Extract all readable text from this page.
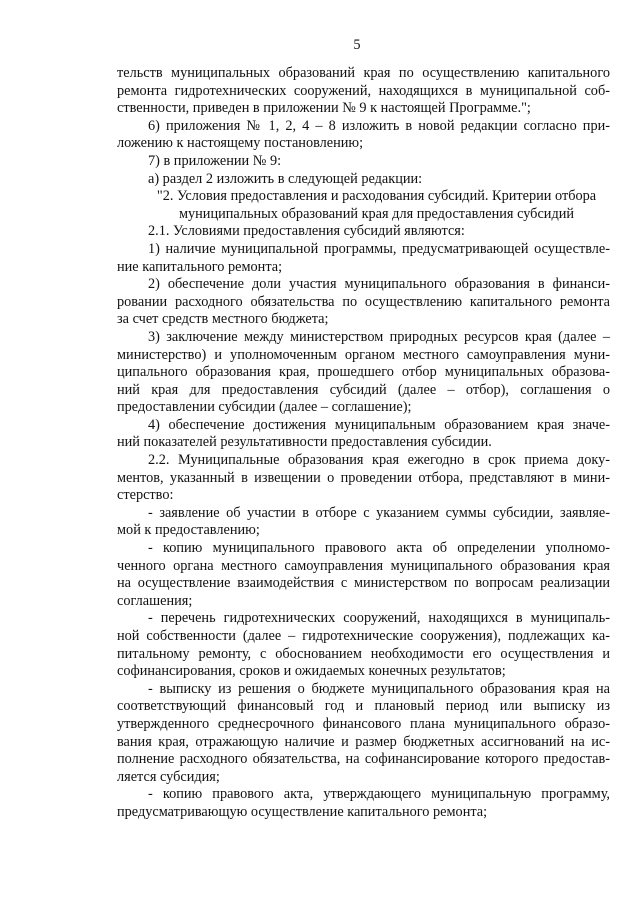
5
тельств муниципальных образований края по осуществлению капитального
ремонта гидротехнических сооружений, находящихся в муниципальной соб-
ственности, приведен в приложении № 9 к настоящей Программе.";
6) приложения № 1, 2, 4 – 8 изложить в новой редакции согласно при-
ложению к настоящему постановлению;
7) в приложении № 9:
а) раздел 2 изложить в следующей редакции:
"2. Условия предоставления и расходования субсидий. Критерии отбора
муниципальных образований края для предоставления субсидий
2.1. Условиями предоставления субсидий являются:
1) наличие муниципальной программы, предусматривающей осуществле-
ние капитального ремонта;
2) обеспечение доли участия муниципального образования в финанси-
ровании расходного обязательства по осуществлению капитального ремонта
за счет средств местного бюджета;
3) заключение между министерством природных ресурсов края (далее –
министерство) и уполномоченным органом местного самоуправления муни-
ципального образования края, прошедшего отбор муниципальных образова-
ний края для предоставления субсидий (далее – отбор), соглашения о
предоставлении субсидии (далее – соглашение);
4) обеспечение достижения муниципальным образованием края значе-
ний показателей результативности предоставления субсидии.
2.2. Муниципальные образования края ежегодно в срок приема доку-
ментов, указанный в извещении о проведении отбора, представляют в мини-
стерство:
- заявление об участии в отборе с указанием суммы субсидии, заявляе-
мой к предоставлению;
- копию муниципального правового акта об определении уполномо-
ченного органа местного самоуправления муниципального образования края
на осуществление взаимодействия с министерством по вопросам реализации
соглашения;
- перечень гидротехнических сооружений, находящихся в муниципаль-
ной собственности (далее – гидротехнические сооружения), подлежащих ка-
питальному ремонту, с обоснованием необходимости его осуществления и
софинансирования, сроков и ожидаемых конечных результатов;
- выписку из решения о бюджете муниципального образования края на
соответствующий финансовый год и плановый период или выписку из
утвержденного среднесрочного финансового плана муниципального образо-
вания края, отражающую наличие и размер бюджетных ассигнований на ис-
полнение расходного обязательства, на софинансирование которого предостав-
ляется субсидия;
- копию правового акта, утверждающего муниципальную программу,
предусматривающую осуществление капитального ремонта;
